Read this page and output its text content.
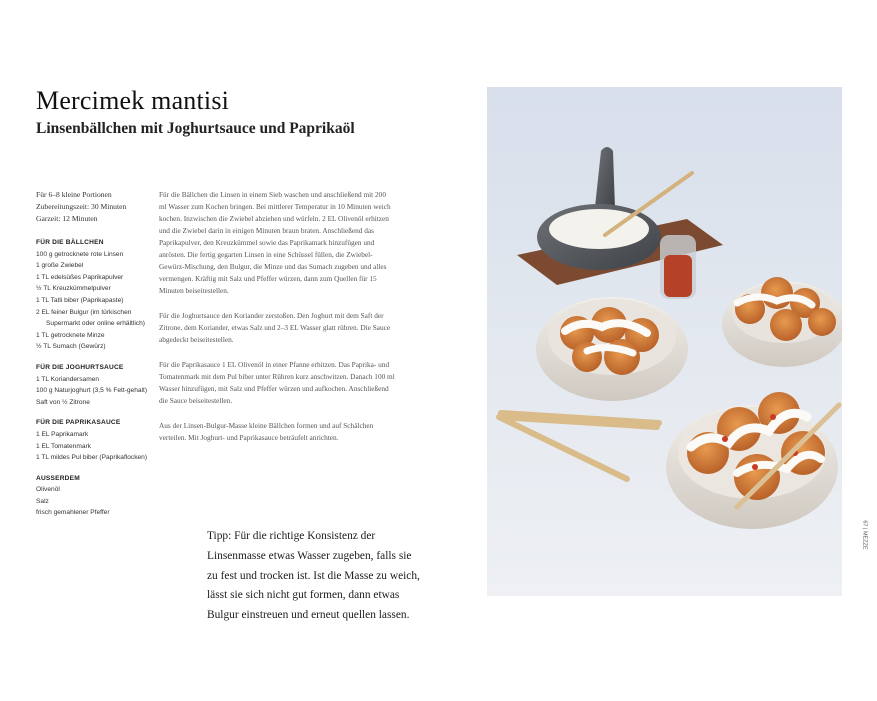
Mercimek mantisi
Linsenbällchen mit Joghurtsauce und Paprikaöl
Für 6–8 kleine Portionen
Zubereitungszeit: 30 Minuten
Garzeit: 12 Minuten
FÜR DIE BÄLLCHEN
100 g getrocknete rote Linsen
1 große Zwiebel
1 TL edelsüßes Paprikapulver
½ TL Kreuzkümmelpulver
1 TL Tatli biber (Paprikapaste)
2 EL feiner Bulgur (im türkischen Supermarkt oder online erhältlich)
1 TL getrocknete Minze
½ TL Sumach (Gewürz)
FÜR DIE JOGHURTSAUCE
1 TL Koriandersamen
100 g Naturjoghurt (3,5 % Fett-gehalt)
Saft von ½ Zitrone
FÜR DIE PAPRIKASAUCE
1 EL Paprikamark
1 EL Tomatenmark
1 TL mildes Pul biber (Paprikaflocken)
AUSSERDEM
Olivenöl
Salz
frisch gemahlener Pfeffer

Für die Bällchen die Linsen in einem Sieb waschen und anschließend mit 200 ml Wasser zum Kochen bringen. Bei mittlerer Temperatur in 10 Minuten weich kochen. Inzwischen die Zwiebel abziehen und würfeln. 2 EL Olivenöl erhitzen und die Zwiebel darin in einigen Minuten braun braten. Anschließend das Paprikapulver, den Kreuzkümmel sowie das Paprikamark hinzufügen und anrösten. Die fertig gegarten Linsen in eine Schüssel füllen, die Zwiebel-Gewürz-Mischung, den Bulgur, die Minze und das Sumach zugeben und alles vermengen. Kräftig mit Salz und Pfeffer würzen, dann zum Quellen für 15 Minuten beiseitestellen.

Für die Joghurtsauce den Koriander zerstoßen. Den Joghurt mit dem Saft der Zitrone, dem Koriander, etwas Salz und 2–3 EL Wasser glatt rühren. Die Sauce abgedeckt beiseitestellen.

Für die Paprikasauce 1 EL Olivenöl in einer Pfanne erhitzen. Das Paprika- und Tomatenmark mit dem Pul biber unter Rühren kurz anschwitzen. Danach 100 ml Wasser hinzufügen, mit Salz und Pfeffer würzen und aufkochen. Anschließend die Sauce beiseitestellen.

Aus der Linsen-Bulgur-Masse kleine Bällchen formen und auf Schälchen verteilen. Mit Joghurt- und Paprikasauce beträufelt anrichten.

Tipp: Für die richtige Konsistenz der Linsenmasse etwas Wasser zugeben, falls sie zu fest und trocken ist. Ist die Masse zu weich, lässt sie sich nicht gut formen, dann etwas Bulgur einstreuen und erneut quellen lassen.
67 | MEZZE
